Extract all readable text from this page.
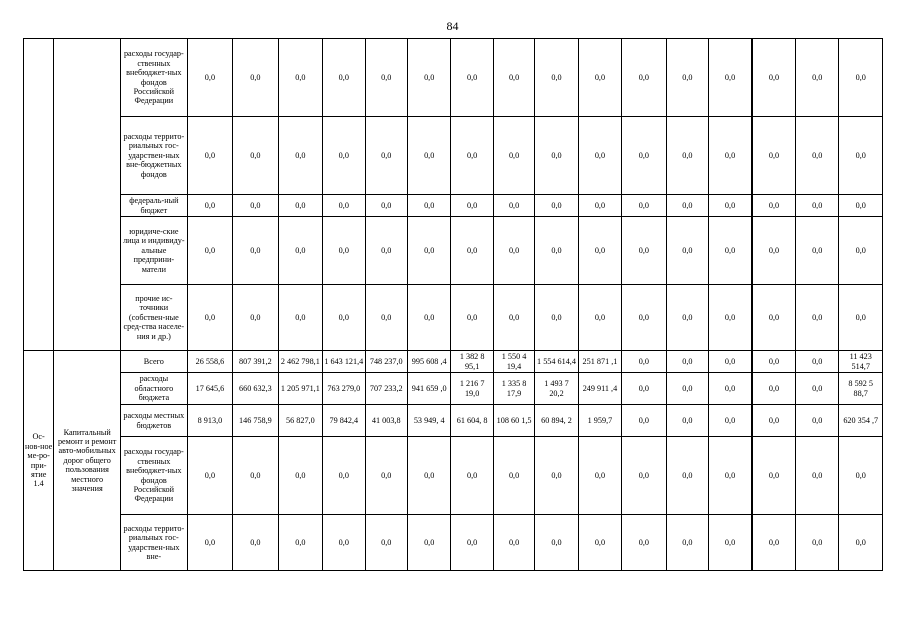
84
		расходы государ-ственных внебюджет-ных фондов Российской Федерации	0,0	0,0	0,0	0,0	0,0	0,0	0,0	0,0	0,0	0,0	0,0	0,0	0,0	0,0	0,0	0,0
		расходы террито-риальных гос-ударствен-ных вне-бюджетных фондов	0,0	0,0	0,0	0,0	0,0	0,0	0,0	0,0	0,0	0,0	0,0	0,0	0,0	0,0	0,0	0,0
		федераль-ный бюджет	0,0	0,0	0,0	0,0	0,0	0,0	0,0	0,0	0,0	0,0	0,0	0,0	0,0	0,0	0,0	0,0
		юридиче-ские лица и индивиду-альные предприни-матели	0,0	0,0	0,0	0,0	0,0	0,0	0,0	0,0	0,0	0,0	0,0	0,0	0,0	0,0	0,0	0,0
		прочие ис-точники (собствен-ные сред-ства населе-ния и др.)	0,0	0,0	0,0	0,0	0,0	0,0	0,0	0,0	0,0	0,0	0,0	0,0	0,0	0,0	0,0	0,0
Ос-нов-ное ме-ро-при-ятие 1.4	Капитальный ремонт и ремонт авто-мобильных дорог общего пользования местного значения	Всего	26 558,6	807 391,2	2 462 798,1	1 643 121,4	748 237,0	995 608 ,4	1 382 8 95,1	1 550 4 19,4	1 554 614,4	251 871 ,1	0,0	0,0	0,0	0,0	0,0	11 423 514,7
		расходы областного бюджета	17 645,6	660 632,3	1 205 971,1	763 279,0	707 233,2	941 659 ,0	1 216 7 19,0	1 335 8 17,9	1 493 7 20,2	249 911 ,4	0,0	0,0	0,0	0,0	0,0	8 592 5 88,7
		расходы местных бюджетов	8 913,0	146 758,9	56 827,0	79 842,4	41 003,8	53 949, 4	61 604, 8	108 60 1,5	60 894, 2	1 959,7	0,0	0,0	0,0	0,0	0,0	620 354 ,7
		расходы государ-ственных внебюджет-ных фондов Российской Федерации	0,0	0,0	0,0	0,0	0,0	0,0	0,0	0,0	0,0	0,0	0,0	0,0	0,0	0,0	0,0	0,0
		расходы террито-риальных гос-ударствен-ных вне-	0,0	0,0	0,0	0,0	0,0	0,0	0,0	0,0	0,0	0,0	0,0	0,0	0,0	0,0	0,0	0,0
